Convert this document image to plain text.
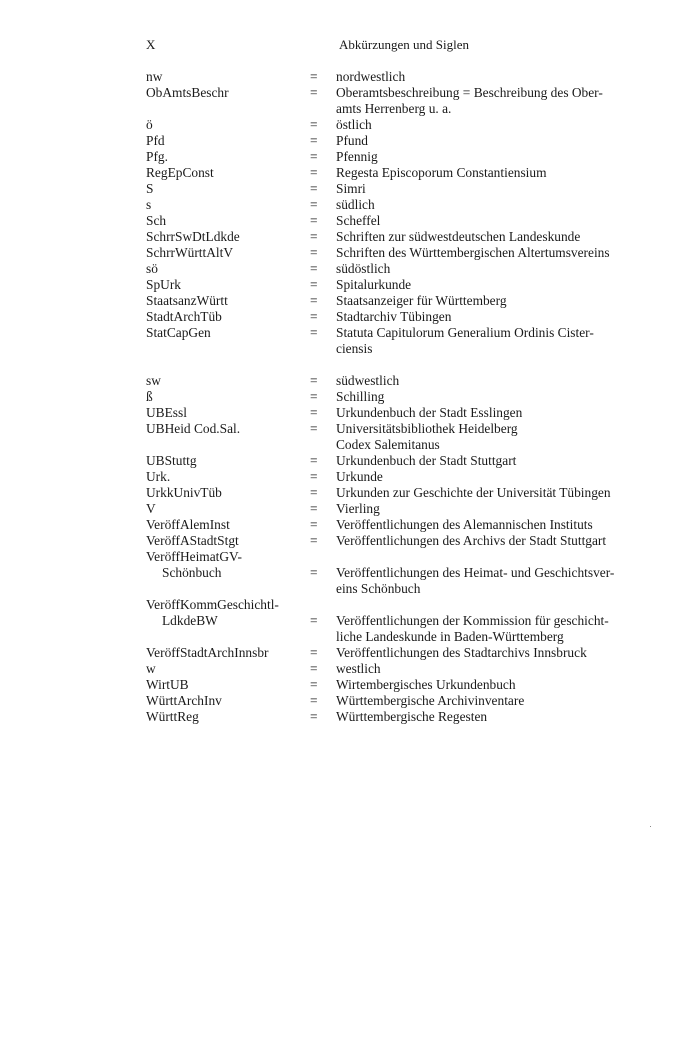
X	Abkürzungen und Siglen
nw	=	nordwestlich
ObAmtsBeschr	=	Oberamtsbeschreibung = Beschreibung des Ober-
amts Herrenberg u. a.
ö	=	östlich
Pfd	=	Pfund
Pfg.	=	Pfennig
RegEpConst	=	Regesta Episcoporum Constantiensium
S	=	Simri
s	=	südlich
Sch	=	Scheffel
SchrrSwDtLdkde	=	Schriften zur südwestdeutschen Landeskunde
SchrrWürttAltV	=	Schriften des Württembergischen Altertumsvereins
sö	=	südöstlich
SpUrk	=	Spitalurkunde
StaatsanzWürtt	=	Staatsanzeiger für Württemberg
StadtArchTüb	=	Stadtarchiv Tübingen
StatCapGen	=	Statuta Capitulorum Generalium Ordinis Cister-
ciensis
sw	=	südwestlich
ß	=	Schilling
UBEssl	=	Urkundenbuch der Stadt Esslingen
UBHeid Cod.Sal.	=	Universitätsbibliothek Heidelberg
Codex Salemitanus
UBStuttg	=	Urkundenbuch der Stadt Stuttgart
Urk.	=	Urkunde
UrkkUnivTüb	=	Urkunden zur Geschichte der Universität Tübingen
V	=	Vierling
VeröffAlemInst	=	Veröffentlichungen des Alemannischen Instituts
VeröffAStadtStgt	=	Veröffentlichungen des Archivs der Stadt Stuttgart
VeröffHeimatGV-
Schönbuch	=	Veröffentlichungen des Heimat- und Geschichtsver-
eins Schönbuch
VeröffKommGeschichtl-
LdkdeBW	=	Veröffentlichungen der Kommission für geschicht-
liche Landeskunde in Baden-Württemberg
VeröffStadtArchInnsbr	=	Veröffentlichungen des Stadtarchivs Innsbruck
w	=	westlich
WirtUB	=	Wirtembergisches Urkundenbuch
WürttArchInv	=	Württembergische Archivinventare
WürttReg	=	Württembergische Regesten
